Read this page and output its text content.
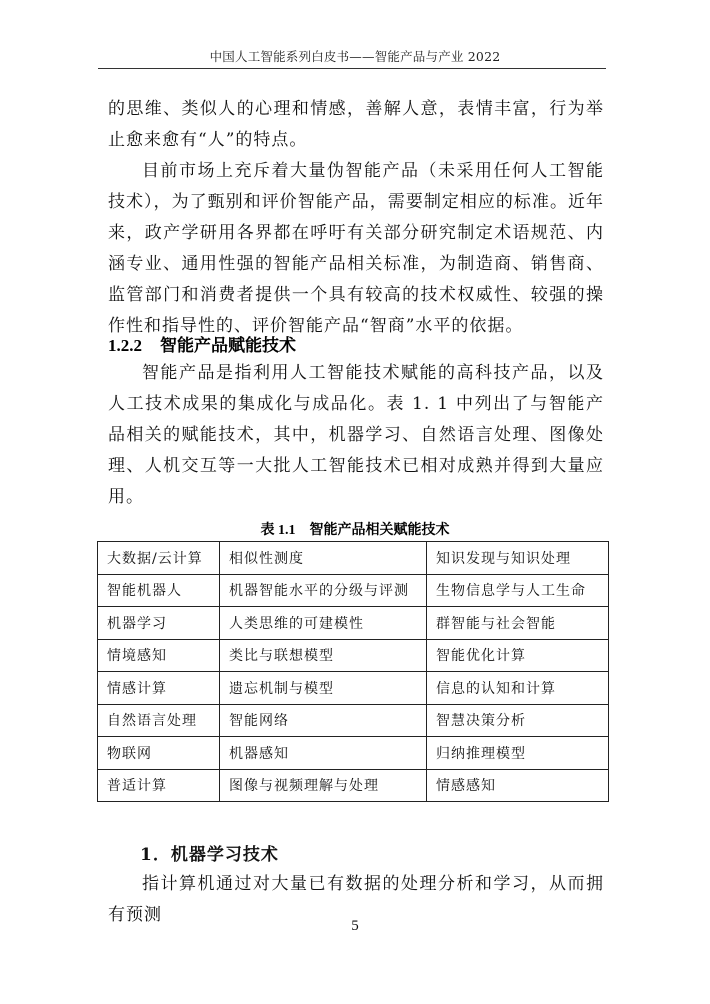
中国人工智能系列白皮书——智能产品与产业 2022

的思维、类似人的心理和情感，善解人意，表情丰富，行为举止愈来愈有“人”的特点。

目前市场上充斥着大量伪智能产品（未采用任何人工智能技术），为了甄别和评价智能产品，需要制定相应的标准。近年来，政产学研用各界都在呼吁有关部分研究制定术语规范、内涵专业、通用性强的智能产品相关标准，为制造商、销售商、监管部门和消费者提供一个具有较高的技术权威性、较强的操作性和指导性的、评价智能产品“智商”水平的依据。

1.2.2 智能产品赋能技术

智能产品是指利用人工智能技术赋能的高科技产品，以及人工技术成果的集成化与成品化。表 1. 1 中列出了与智能产品相关的赋能技术，其中，机器学习、自然语言处理、图像处理、人机交互等一大批人工智能技术已相对成熟并得到大量应用。

表 1.1 智能产品相关赋能技术
大数据/云计算	相似性测度	知识发现与知识处理
智能机器人	机器智能水平的分级与评测	生物信息学与人工生命
机器学习	人类思维的可建模性	群智能与社会智能
情境感知	类比与联想模型	智能优化计算
情感计算	遗忘机制与模型	信息的认知和计算
自然语言处理	智能网络	智慧决策分析
物联网	机器感知	归纳推理模型
普适计算	图像与视频理解与处理	情感感知
1．机器学习技术

指计算机通过对大量已有数据的处理分析和学习，从而拥有预测

5
